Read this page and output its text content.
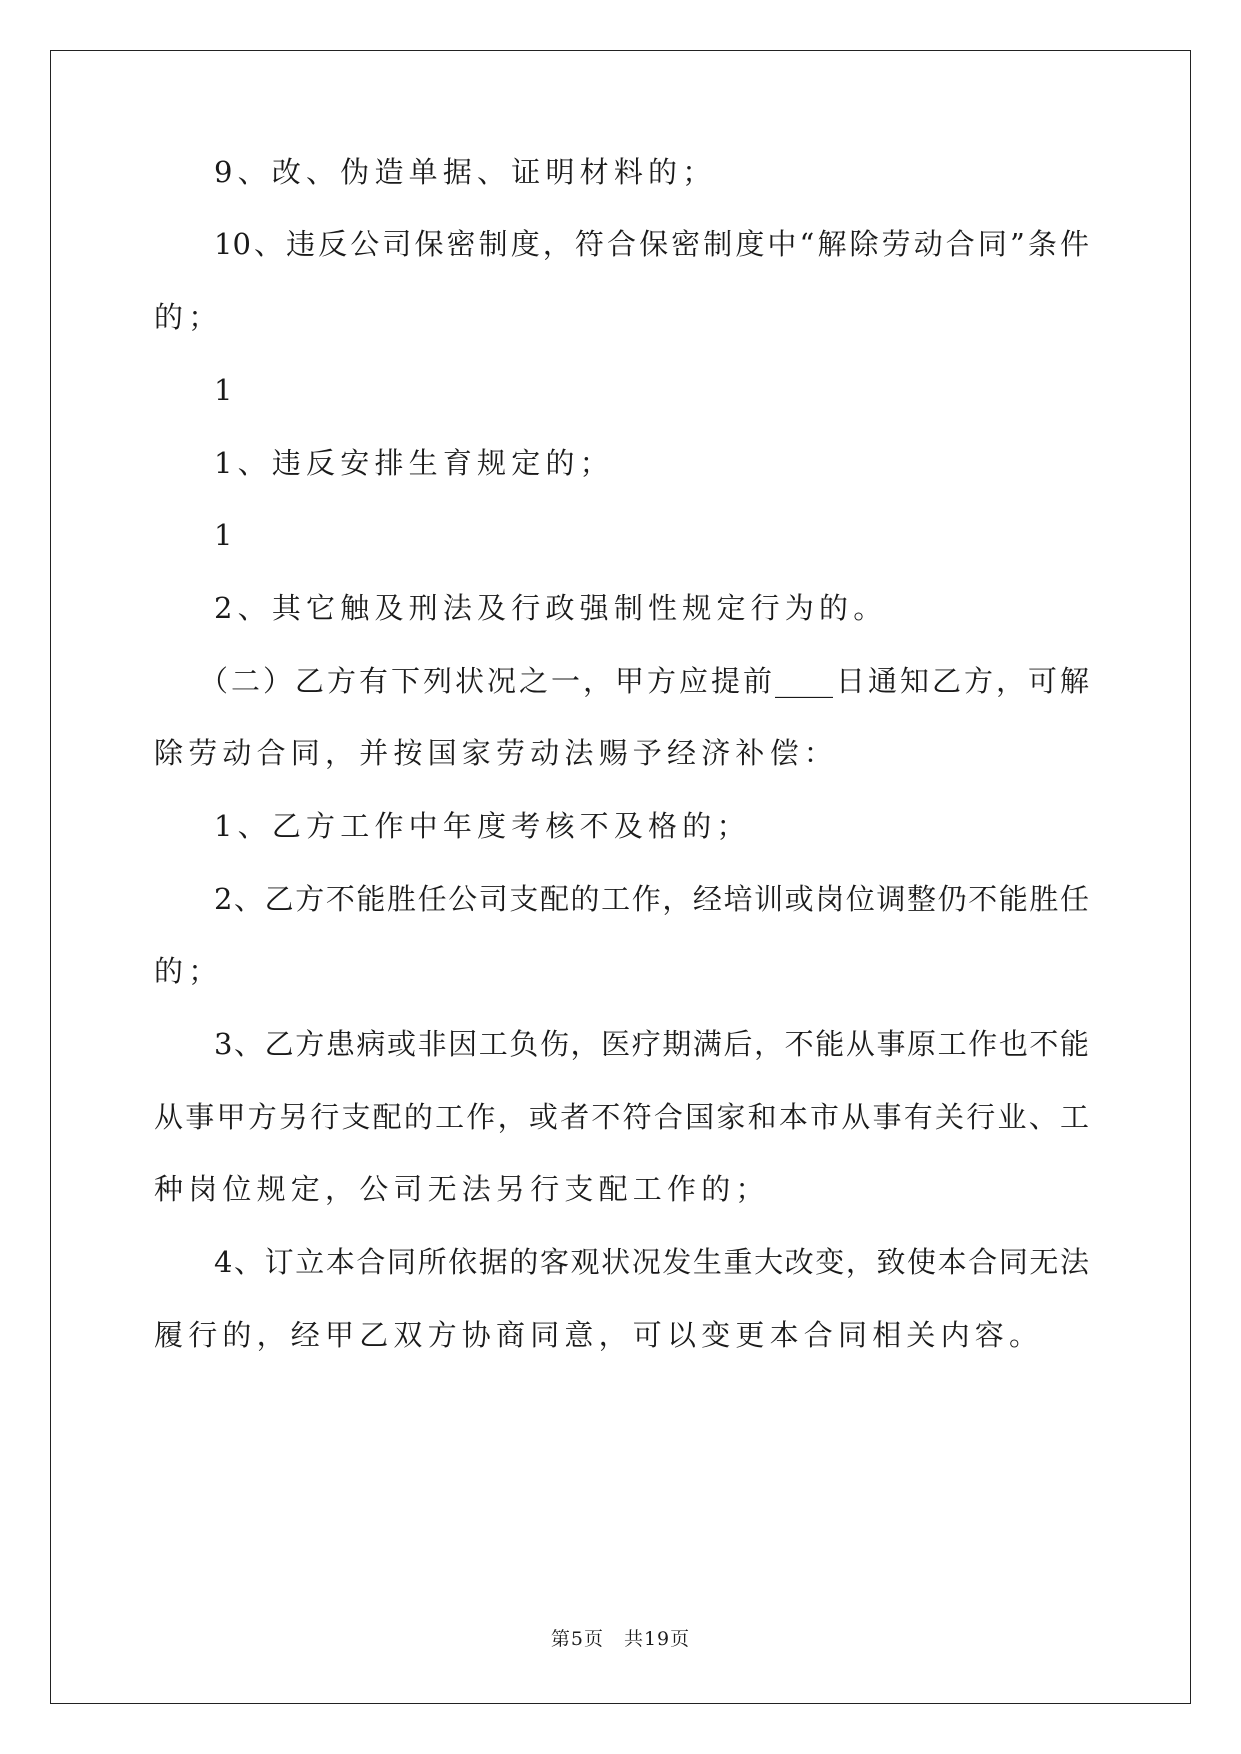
9、改、伪造单据、证明材料的；
10、违反公司保密制度，符合保密制度中“解除劳动合同”条件
的；
1
1、违反安排生育规定的；
1
2、其它触及刑法及行政强制性规定行为的。
（二）乙方有下列状况之一，甲方应提前____日通知乙方，可解
除劳动合同，并按国家劳动法赐予经济补偿：
1、乙方工作中年度考核不及格的；
2、乙方不能胜任公司支配的工作，经培训或岗位调整仍不能胜任
的；
3、乙方患病或非因工负伤，医疗期满后，不能从事原工作也不能
从事甲方另行支配的工作，或者不符合国家和本市从事有关行业、工
种岗位规定，公司无法另行支配工作的；
4、订立本合同所依据的客观状况发生重大改变，致使本合同无法
履行的，经甲乙双方协商同意，可以变更本合同相关内容。
第5页　共19页
